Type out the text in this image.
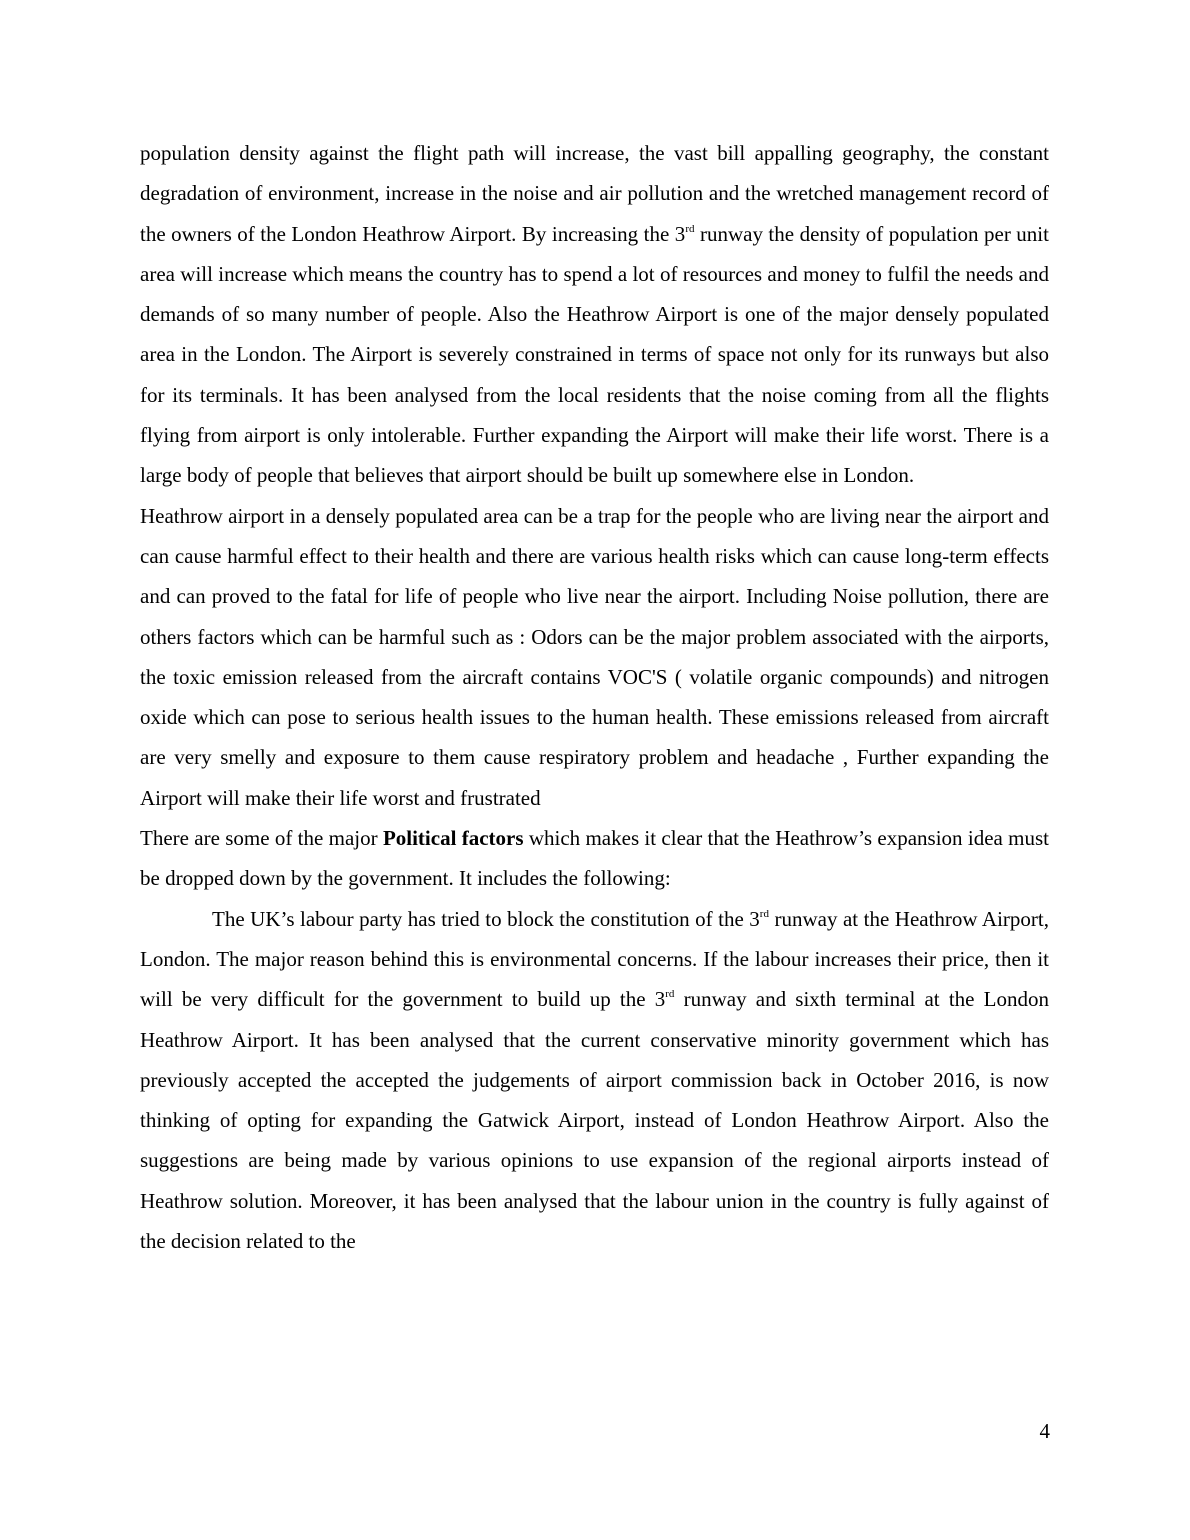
population density against the flight path will increase, the vast bill appalling geography, the constant degradation of environment, increase in the noise and air pollution and the wretched management record of the owners of the London Heathrow Airport. By increasing the 3rd runway the density of population per unit area will increase which means the country has to spend a lot of resources and money to fulfil the needs and demands of so many number of people. Also the Heathrow Airport is one of the major densely populated area in the London. The Airport is severely constrained in terms of space not only for its runways but also for its terminals. It has been analysed from the local residents that the noise coming from all the flights flying from airport is only intolerable. Further expanding the Airport will make their life worst. There is a large body of people that believes that airport should be built up somewhere else in London.

Heathrow airport in a densely populated area can be a trap for the people who are living near the airport and can cause harmful effect to their health and there are various health risks which can cause long-term effects and can proved to the fatal for life of people who live near the airport. Including Noise pollution, there are others factors which can be harmful such as : Odors can be the major problem associated with the airports, the toxic emission released from the aircraft contains VOC'S ( volatile organic compounds) and nitrogen oxide which can pose to serious health issues to the human health. These emissions released from aircraft are very smelly and exposure to them cause respiratory problem and headache , Further expanding the Airport will make their life worst and frustrated

There are some of the major Political factors which makes it clear that the Heathrow’s expansion idea must be dropped down by the government. It includes the following:

The UK’s labour party has tried to block the constitution of the 3rd runway at the Heathrow Airport, London. The major reason behind this is environmental concerns. If the labour increases their price, then it will be very difficult for the government to build up the 3rd runway and sixth terminal at the London Heathrow Airport. It has been analysed that the current conservative minority government which has previously accepted the accepted the judgements of airport commission back in October 2016, is now thinking of opting for expanding the Gatwick Airport, instead of London Heathrow Airport. Also the suggestions are being made by various opinions to use expansion of the regional airports instead of Heathrow solution. Moreover, it has been analysed that the labour union in the country is fully against of the decision related to the

4
